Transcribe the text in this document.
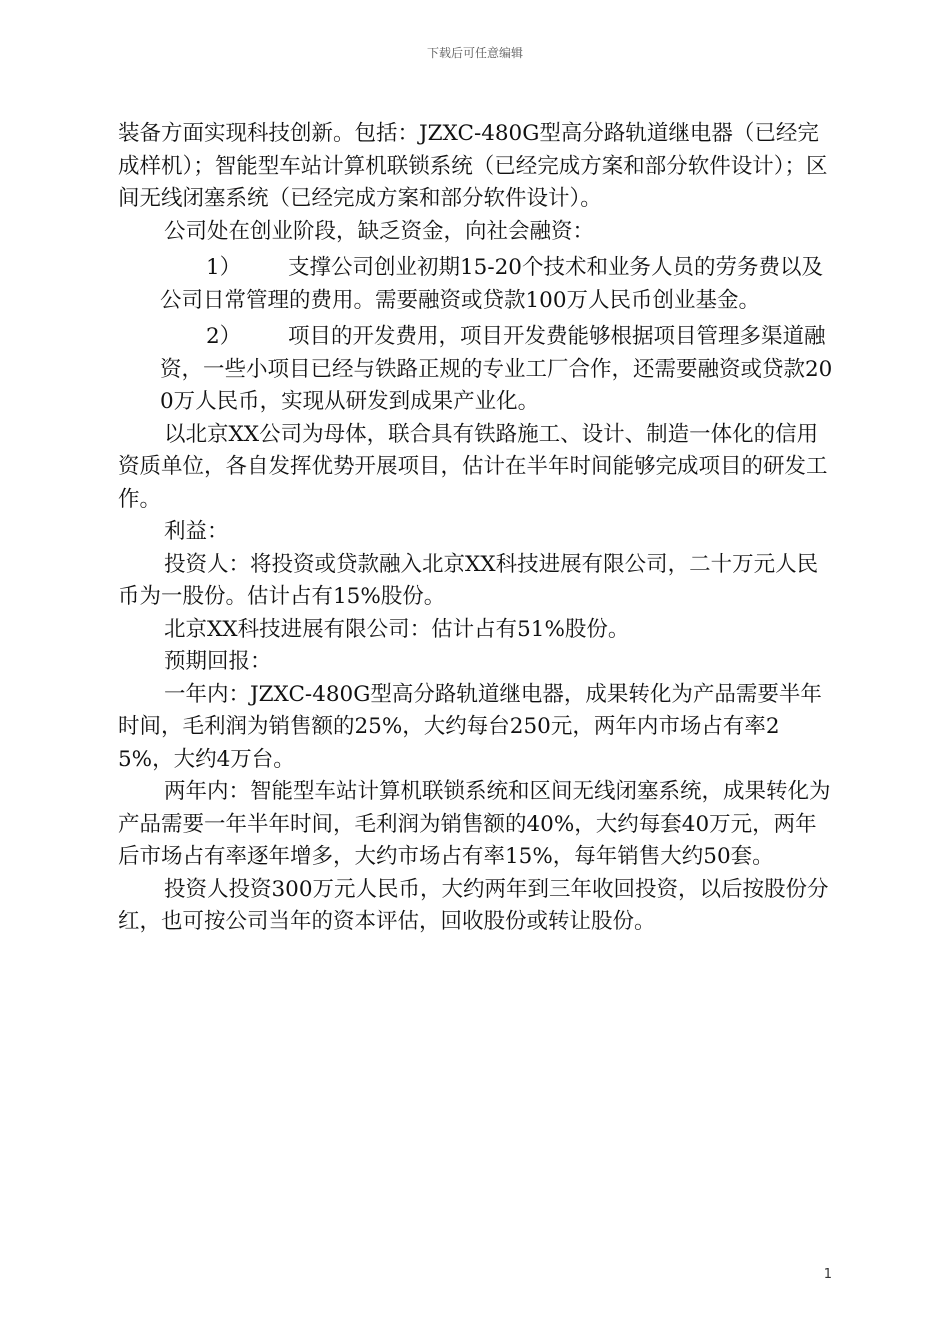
下载后可任意编辑

装备方面实现科技创新。包括：JZXC-480G型高分路轨道继电器（已经完成样机）；智能型车站计算机联锁系统（已经完成方案和部分软件设计）；区间无线闭塞系统（已经完成方案和部分软件设计）。

公司处在创业阶段，缺乏资金，向社会融资：

1） 支撑公司创业初期15-20个技术和业务人员的劳务费以及公司日常管理的费用。需要融资或贷款100万人民币创业基金。

2） 项目的开发费用，项目开发费能够根据项目管理多渠道融资，一些小项目已经与铁路正规的专业工厂合作，还需要融资或贷款200万人民币，实现从研发到成果产业化。

以北京XX公司为母体，联合具有铁路施工、设计、制造一体化的信用资质单位，各自发挥优势开展项目，估计在半年时间能够完成项目的研发工作。

利益：

投资人：将投资或贷款融入北京XX科技进展有限公司，二十万元人民币为一股份。估计占有15%股份。

北京XX科技进展有限公司：估计占有51%股份。

预期回报：

一年内：JZXC-480G型高分路轨道继电器，成果转化为产品需要半年时间，毛利润为销售额的25%，大约每台250元，两年内市场占有率25%，大约4万台。

两年内：智能型车站计算机联锁系统和区间无线闭塞系统，成果转化为产品需要一年半年时间，毛利润为销售额的40%，大约每套40万元，两年后市场占有率逐年增多，大约市场占有率15%，每年销售大约50套。

投资人投资300万元人民币，大约两年到三年收回投资，以后按股份分红，也可按公司当年的资本评估，回收股份或转让股份。

1
